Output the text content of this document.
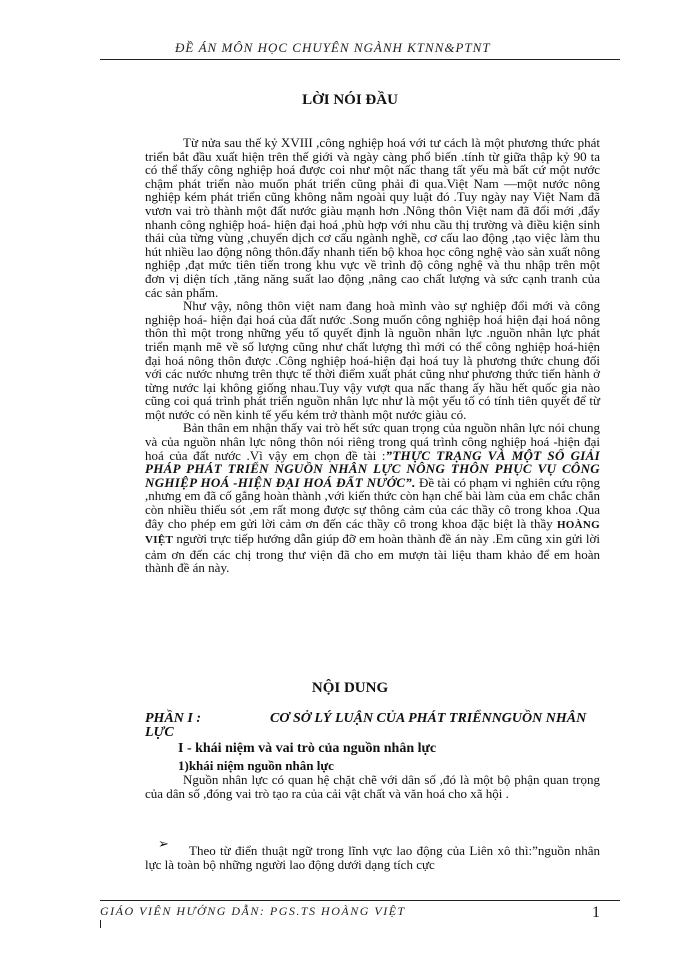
ĐỀ ÁN MÔN HỌC CHUYÊN NGÀNH KTNN&PTNT
LỜI NÓI ĐẦU

Từ nửa sau thế kỷ XVIII ,công nghiệp hoá với tư cách là một phương thức phát triển bắt đầu xuất hiện trên thế giới và ngày càng phổ biến .tính từ giữa thập kỷ 90 ta có thể thấy công nghiệp hoá được coi như một nấc thang tất yếu mà bất cứ một nước chậm phát triển nào muốn phát triển cũng phải đi qua.Việt Nam —một nước nông nghiệp kém phát triển cũng không nằm ngoài quy luật đó .Tuy ngày nay Việt Nam đã vươn vai trò thành một đất nước giàu mạnh hơn .Nông thôn Việt nam đã đổi mới ,đẩy nhanh công nghiệp hoá- hiện đại hoá ,phù hợp với nhu cầu thị trường và điều kiện sinh thái của từng vùng ,chuyển dịch cơ cấu ngành nghề, cơ cấu lao động ,tạo việc làm thu hút nhiều lao động nông thôn.đẩy nhanh tiến bộ khoa học công nghệ vào sản xuất nông nghiệp ,đạt mức tiên tiến trong khu vực về trình độ công nghệ và thu nhập trên một đơn vị diện tích ,tăng năng suất lao động ,nâng cao chất lượng và sức cạnh tranh của các sản phẩm.

Như vậy, nông thôn việt nam đang hoà mình vào sự nghiệp đổi mới và công nghiệp hoá- hiện đại hoá của đất nước .Song muốn công nghiệp hoá hiện đại hoá nông thôn thì một trong những yếu tố quyết định là nguồn nhân lực .nguồn nhân lực phát triển mạnh mẽ về số lượng cũng như chất lượng thì mới có thể công nghiệp hoá-hiện đại hoá nông thôn được .Công nghiệp hoá-hiện đại hoá tuy là phương thức chung đối với các nước nhưng trên thực tế thời điểm xuất phát cũng như phương thức tiến hành ở từng nước lại không giống nhau.Tuy vậy vượt qua nấc thang ấy hầu hết quốc gia nào cũng coi quá trình phát triển nguồn nhân lực như là một yếu tố có tính tiên quyết để từ một nước có nền kinh tế yếu kém trở thành một nước giàu có.

Bản thân em nhận thấy vai trò hết sức quan trọng của nguồn nhân lực nói chung và của nguồn nhân lực nông thôn nói riêng trong quá trình công nghiệp hoá -hiện đại hoá của đất nước .Vì vậy em chọn đề tài :”THỰC TRẠNG VÀ MỘT SỐ GIẢI PHÁP PHÁT TRIỂN NGUỒN NHÂN LỰC NÔNG THÔN PHỤC VỤ CÔNG NGHIỆP HOÁ -HIỆN ĐẠI HOÁ ĐẤT NƯỚC”. Đề tài có phạm vi nghiên cứu rộng ,nhưng em đã cố gắng hoàn thành ,với kiến thức còn hạn chế bài làm của em chắc chắn còn nhiều thiếu sót ,em rất mong được sự thông cảm của các thầy cô trong khoa .Qua đây cho phép em gửi lời cảm ơn đến các thầy cô trong khoa đặc biệt là thầy HOÀNG VIỆT người trực tiếp hướng dẫn giúp đỡ em hoàn thành đề án này .Em cũng xin gửi lời cảm ơn đến các chị trong thư viện đã cho em mượn tài liệu tham khảo để em hoàn thành đề án này.

NỘI DUNG
PHẦN I :	CƠ SỞ LÝ LUẬN CỦA PHÁT TRIỂNNGUỒN NHÂN LỰC
I - khái niệm và vai trò của nguồn nhân lực
1)khái niệm nguồn nhân lực

Nguồn nhân lực có quan hệ chặt chẽ với dân số ,đó là một bộ phận quan trọng của dân số ,đóng vai trò tạo ra của cải vật chất và văn hoá cho xã hội .

➢	Theo từ điển thuật ngữ trong lĩnh vực lao động của Liên xô thì:”nguồn nhân lực là toàn bộ những người lao động dưới dạng tích cực

GIÁO VIÊN HƯỚNG DẪN: PGS.TS HOÀNG VIỆT	1
